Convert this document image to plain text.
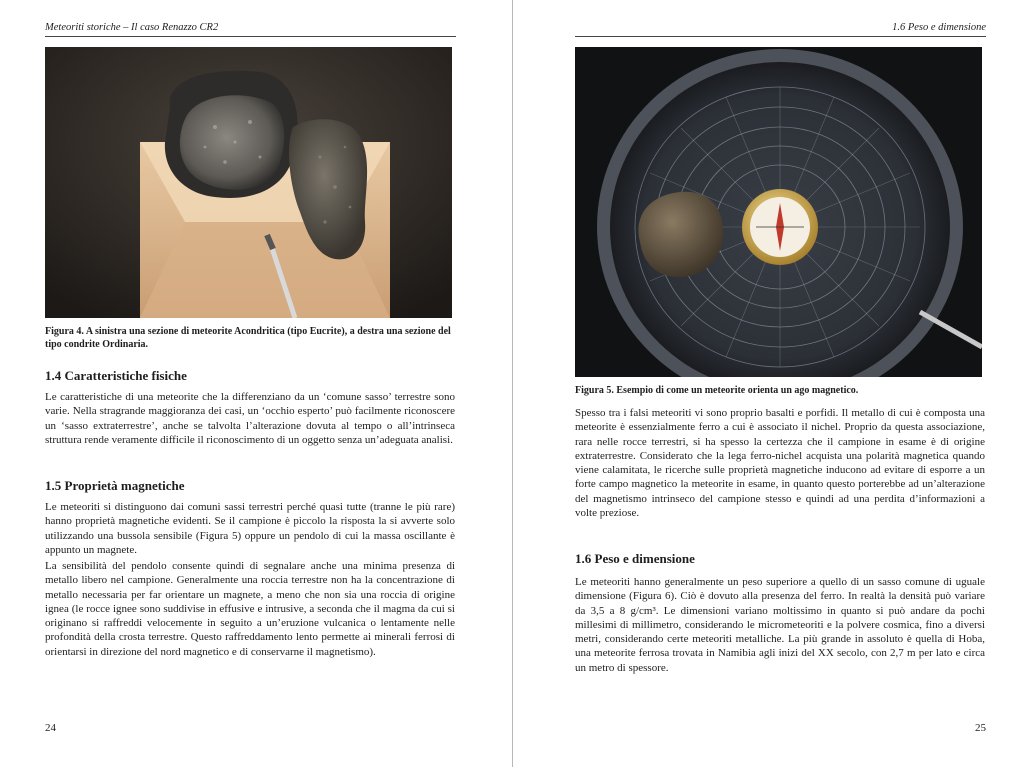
Meteoriti storiche – Il caso Renazzo CR2
Figura 4. A sinistra una sezione di meteorite Acondritica (tipo Eucrite), a destra una sezione del tipo condrite Ordinaria.
1.4 Caratteristiche fisiche
Le caratteristiche di una meteorite che la differenziano da un ‘comune sasso’ terrestre sono varie. Nella stragrande maggioranza dei casi, un ‘occhio esperto’ può facilmente riconoscere un ‘sasso extraterrestre’, anche se talvolta l’alterazione dovuta al tempo o all’intrinseca struttura rende veramente difficile il riconoscimento di un oggetto senza un’adeguata analisi.
1.5 Proprietà magnetiche
Le meteoriti si distinguono dai comuni sassi terrestri perché quasi tutte (tranne le più rare) hanno proprietà magnetiche evidenti. Se il campione è piccolo la risposta la si avverte solo utilizzando una bussola sensibile (Figura 5) oppure un pendolo di cui la massa oscillante è appunto un magnete.
La sensibilità del pendolo consente quindi di segnalare anche una minima presenza di metallo libero nel campione. Generalmente una roccia terrestre non ha la concentrazione di metallo necessaria per far orientare un magnete, a meno che non sia una roccia di origine ignea (le rocce ignee sono suddivise in effusive e intrusive, a seconda che il magma da cui si originano si raffreddi velocemente in seguito a un’eruzione vulcanica o lentamente nelle profondità della crosta terrestre. Questo raffreddamento lento permette ai minerali ferrosi di orientarsi in direzione del nord magnetico e di conservarne il magnetismo).
24
1.6 Peso e dimensione
Figura 5. Esempio di come un meteorite orienta un ago magnetico.
Spesso tra i falsi meteoriti vi sono proprio basalti e porfidi. Il metallo di cui è composta una meteorite è essenzialmente ferro a cui è associato il nichel. Proprio da questa associazione, rara nelle rocce terrestri, si ha spesso la certezza che il campione in esame è di origine extraterrestre. Considerato che la lega ferro-nichel acquista una polarità magnetica quando viene calamitata, le ricerche sulle proprietà magnetiche inducono ad evitare di esporre a un forte campo magnetico la meteorite in esame, in quanto questo porterebbe ad un’alterazione del magnetismo intrinseco del campione stesso e quindi ad una perdita d’informazioni a volte preziose.
1.6 Peso e dimensione
Le meteoriti hanno generalmente un peso superiore a quello di un sasso comune di uguale dimensione (Figura 6). Ciò è dovuto alla presenza del ferro. In realtà la densità può variare da 3,5 a 8 g/cm³. Le dimensioni variano moltissimo in quanto si può andare da pochi millesimi di millimetro, considerando le micrometeoriti e la polvere cosmica, fino a diversi metri, considerando certe meteoriti metalliche. La più grande in assoluto è quella di Hoba, una meteorite ferrosa trovata in Namibia agli inizi del XX secolo, con 2,7 m per lato e circa un metro di spessore.
25
